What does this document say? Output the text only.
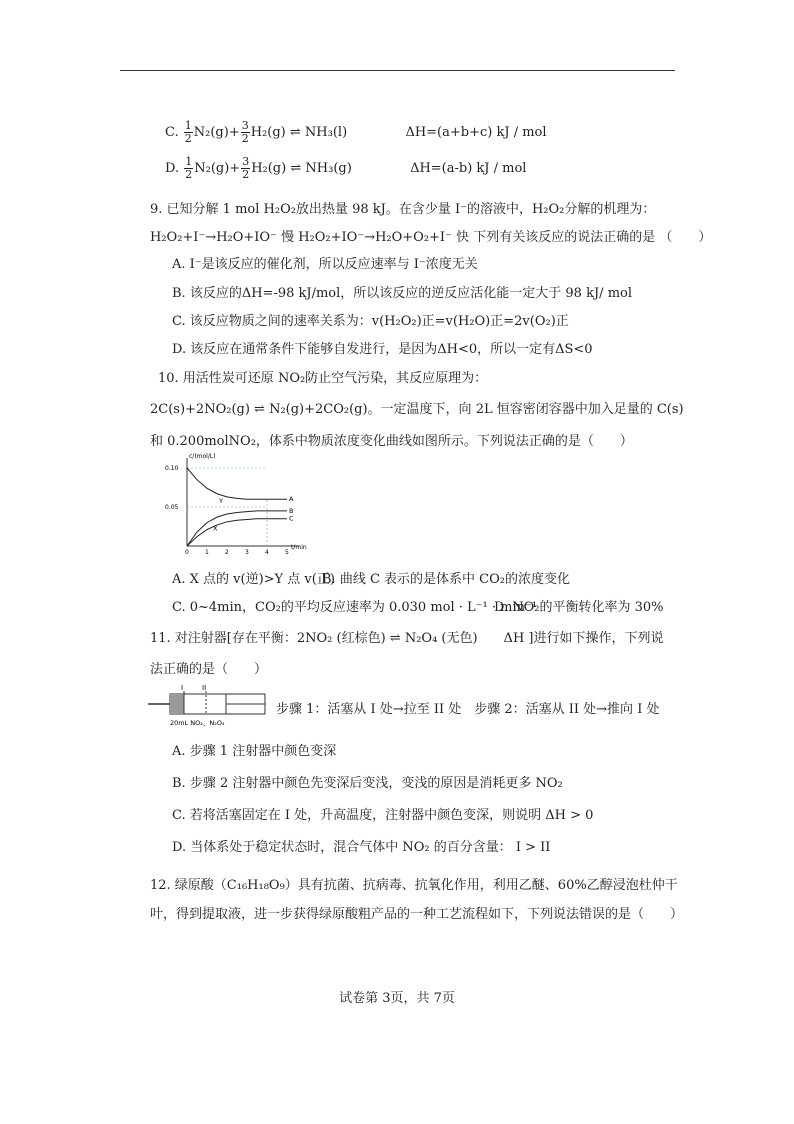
C. $\frac{1}{2} N_2(g)+ \frac{3}{2} H_2(g)$ ⇌ NH₃(l)	ΔH=(a+b+c) kJ / mol
D. $\frac{1}{2} N_2(g)+ \frac{3}{2} H_2(g)$ ⇌ NH₃(g)	ΔH=(a-b) kJ / mol
9. 已知分解 1 mol H₂O₂放出热量 98 kJ。在含少量 I⁻的溶液中，H₂O₂分解的机理为：
H₂O₂+I⁻→H₂O+IO⁻ 慢 H₂O₂+IO⁻→H₂O+O₂+I⁻ 快 下列有关该反应的说法正确的是 （　　）
A. I⁻是该反应的催化剂，所以反应速率与 I⁻浓度无关
B. 该反应的ΔH=-98 kJ/mol，所以该反应的逆反应活化能一定大于 98 kJ/ mol
C. 该反应物质之间的速率关系为：v(H₂O₂)正=v(H₂O)正=2v(O₂)正
D. 该反应在通常条件下能够自发进行，是因为ΔH<0，所以一定有ΔS<0
10. 用活性炭可还原 NO₂防止空气污染，其反应原理为：
2C(s)+2NO₂(g) ⇌ N₂(g)+2CO₂(g)。一定温度下，向 2L 恒容密闭容器中加入足量的 C(s)
和 0.200molNO₂，体系中物质浓度变化曲线如图所示。下列说法正确的是（　　）
c/(mol/L)
t/min
0	1	2	3	4	5
0.10
0.05
A
B
C
X
Y
A. X 点的 v(逆)>Y 点 v(正)
B. 曲线 C 表示的是体系中 CO₂的浓度变化
C. 0~4min，CO₂的平均反应速率为 0.030 mol · L⁻¹ · min⁻¹
D. NO₂的平衡转化率为 30%
11. 对注射器[存在平衡：2NO₂ (红棕色) ⇌ N₂O₄ (无色)　　ΔH ]进行如下操作，下列说
法正确的是（　　）
I	II
20mL NO₂、N₂O₄
步骤 1：活塞从 I 处→拉至 II 处　步骤 2：活塞从 II 处→推向 I 处
A. 步骤 1 注射器中颜色变深
B. 步骤 2 注射器中颜色先变深后变浅，变浅的原因是消耗更多 NO₂
C. 若将活塞固定在 I 处，升高温度，注射器中颜色变深，则说明 ΔH > 0
D. 当体系处于稳定状态时，混合气体中 NO₂ 的百分含量： I > II
12. 绿原酸（C₁₆H₁₈O₉）具有抗菌、抗病毒、抗氧化作用，利用乙醚、60%乙醇浸泡杜仲干
叶，得到提取液，进一步获得绿原酸粗产品的一种工艺流程如下，下列说法错误的是（　　）
试卷第 3页，共 7页
